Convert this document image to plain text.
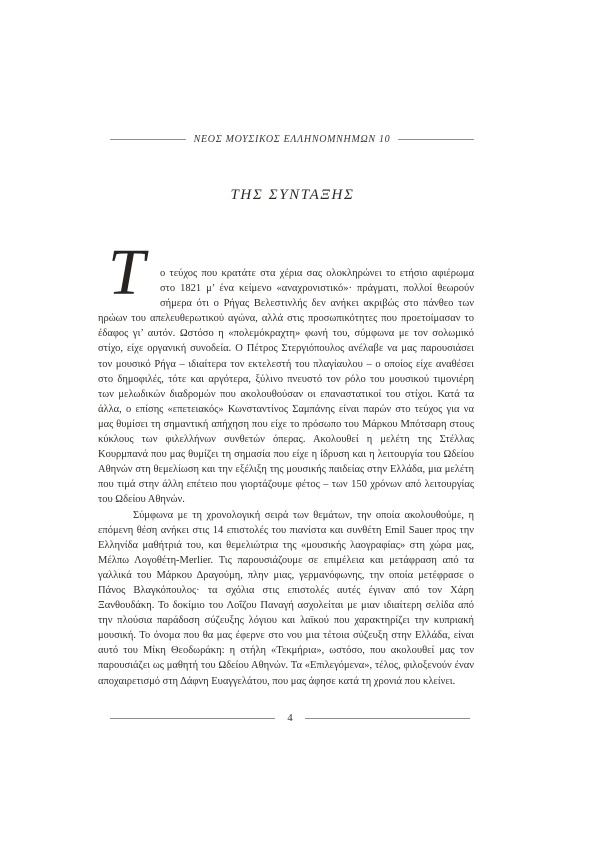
ΝΕΟΣ ΜΟΥΣΙΚΟΣ ΕΛΛΗΝΟΜΝΗΜΩΝ 10
ΤΗΣ ΣΥΝΤΑΞΗΣ
Τ	ο τεύχος που κρατάτε στα χέρια σας ολοκληρώνει το ετήσιο αφιέρωμα στο 1821 μ’ ένα κείμενο «αναχρονιστικό»· πράγματι, πολλοί θεωρούν σήμερα ότι ο Ρήγας Βελεστινλής δεν ανήκει ακριβώς στο πάνθεο των ηρώων του απελευθερωτικού αγώνα, αλλά στις προσωπικότητες που προετοίμασαν το έδαφος γι’ αυτόν. Ωστόσο η «πολεμόκραχτη» φωνή του, σύμφωνα με τον σολωμικό στίχο, είχε οργανική συνοδεία. Ο Πέτρος Στεργιόπουλος ανέλαβε να μας παρουσιάσει τον μουσικό Ρήγα – ιδιαίτερα τον εκτελεστή του πλαγίαυλου – ο οποίος είχε αναθέσει στο δημοφιλές, τότε και αργότερα, ξύλινο πνευστό τον ρόλο του μουσικού τιμονιέρη των μελωδικών διαδρομών που ακολουθούσαν οι επαναστατικοί του στίχοι. Κατά τα άλλα, ο επίσης «επετειακός» Κωνσταντίνος Σαμπάνης είναι παρών στο τεύχος για να μας θυμίσει τη σημαντική απήχηση που είχε το πρόσωπο του Μάρκου Μπότσαρη στους κύκλους των φιλελλήνων συνθετών όπερας. Ακολουθεί η μελέτη της Στέλλας Κουρμπανά που μας θυμίζει τη σημασία που είχε η ίδρυση και η λειτουργία του Ωδείου Αθηνών στη θεμελίωση και την εξέλιξη της μουσικής παιδείας στην Ελλάδα, μια μελέτη που τιμά στην άλλη επέτειο που γιορτάζουμε φέτος – των 150 χρόνων από λειτουργίας του Ωδείου Αθηνών.

Σύμφωνα με τη χρονολογική σειρά των θεμάτων, την οποία ακολουθούμε, η επόμενη θέση ανήκει στις 14 επιστολές του πιανίστα και συνθέτη Emil Sauer προς την Ελληνίδα μαθήτριά του, και θεμελιώτρια της «μουσικής λαογραφίας» στη χώρα μας, Μέλπω Λογοθέτη-Merlier. Τις παρουσιάζουμε σε επιμέλεια και μετάφραση από τα γαλλικά του Μάρκου Δραγούμη, πλην μιας, γερμανόφωνης, την οποία μετέφρασε ο Πάνος Βλαγκόπουλος· τα σχόλια στις επιστολές αυτές έγιναν από τον Χάρη Ξανθουδάκη. Το δοκίμιο του Λοΐζου Παναγή ασχολείται με μιαν ιδιαίτερη σελίδα από την πλούσια παράδοση σύζευξης λόγιου και λαϊκού που χαρακτηρίζει την κυπριακή μουσική. Το όνομα που θα μας έφερνε στο νου μια τέτοια σύζευξη στην Ελλάδα, είναι αυτό του Μίκη Θεοδωράκη: η στήλη «Τεκμήρια», ωστόσο, που ακολουθεί μας τον παρουσιάζει ως μαθητή του Ωδείου Αθηνών. Τα «Επιλεγόμενα», τέλος, φιλοξενούν έναν αποχαιρετισμό στη Δάφνη Ευαγγελάτου, που μας άφησε κατά τη χρονιά που κλείνει.

4
